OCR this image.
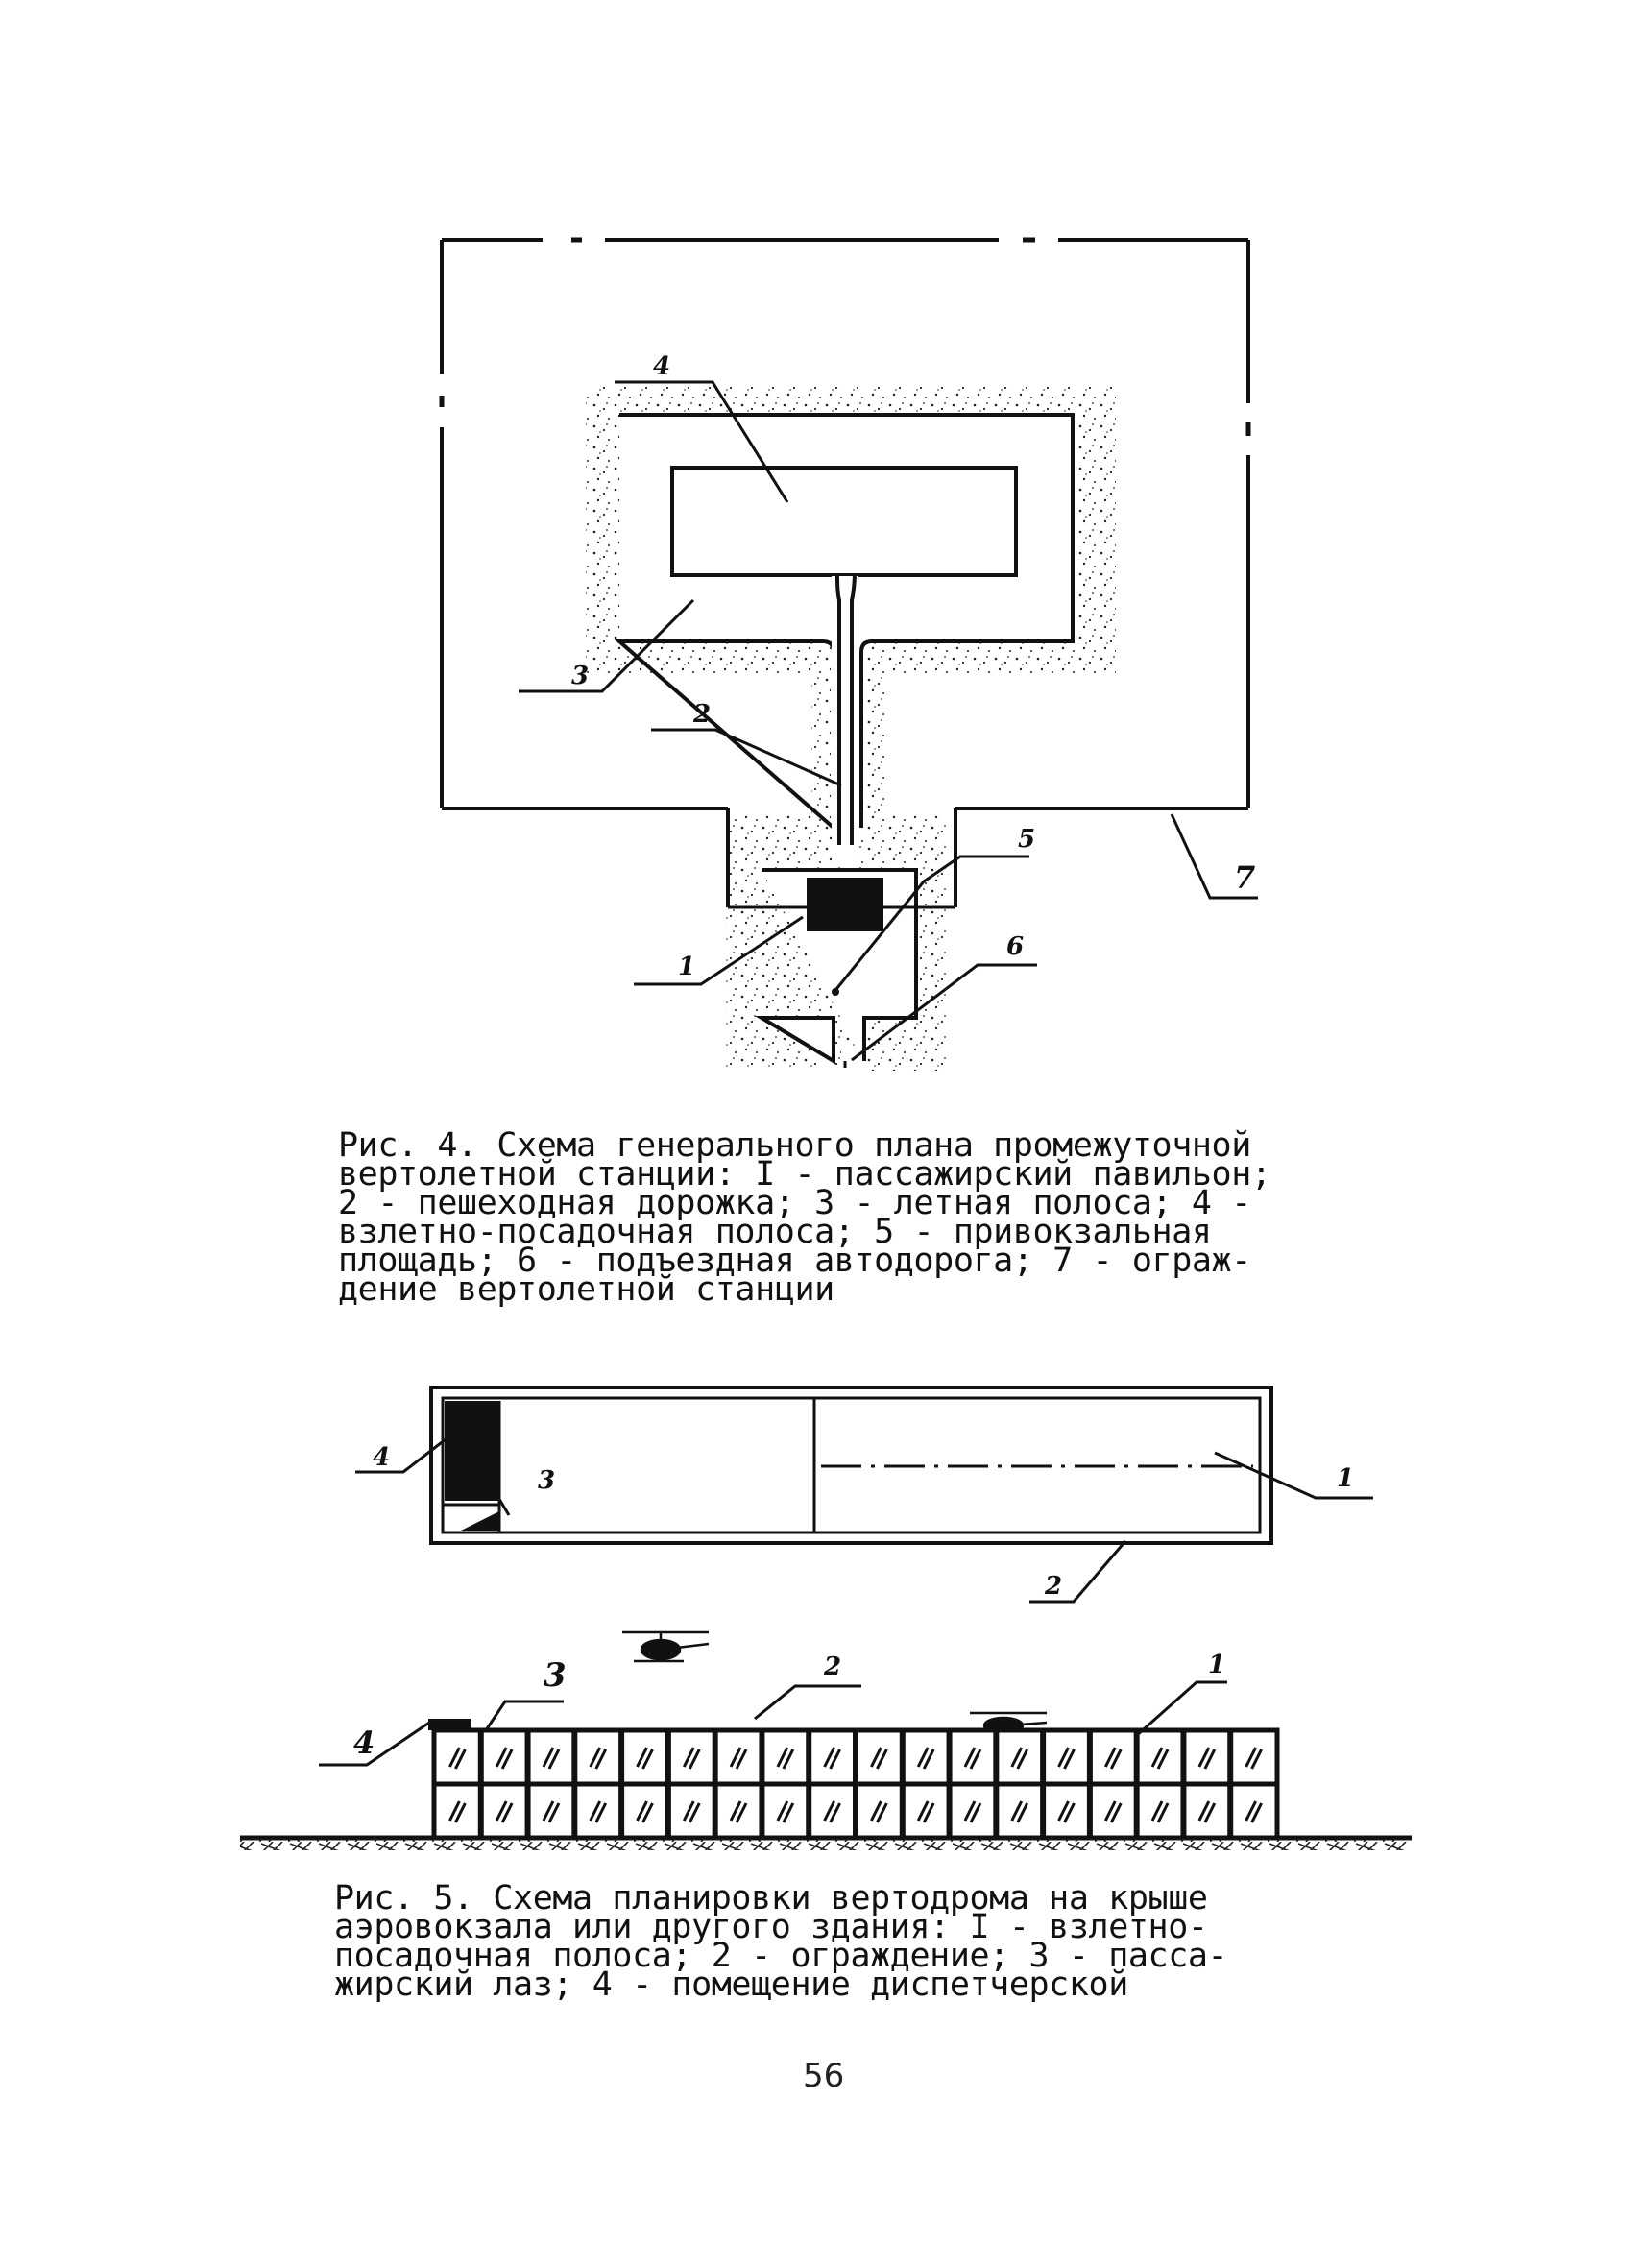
4
3
2
7
1
5
6
4
3	1
2
4
3	2	1

Рис. 4. Схема генерального плана промежуточной
вертолетной станции: I - пассажирский павильон;
2 - пешеходная дорожка; 3 - летная полоса; 4 -
взлетно-посадочная полоса; 5 - привокзальная
площадь; 6 - подъездная автодорога; 7 - ограж-
дение вертолетной станции

Рис. 5. Схема планировки вертодрома на крыше
аэровокзала или другого здания: I - взлетно-
посадочная полоса; 2 - ограждение; 3 - пасса-
жирский лаз; 4 - помещение диспетчерской

56
